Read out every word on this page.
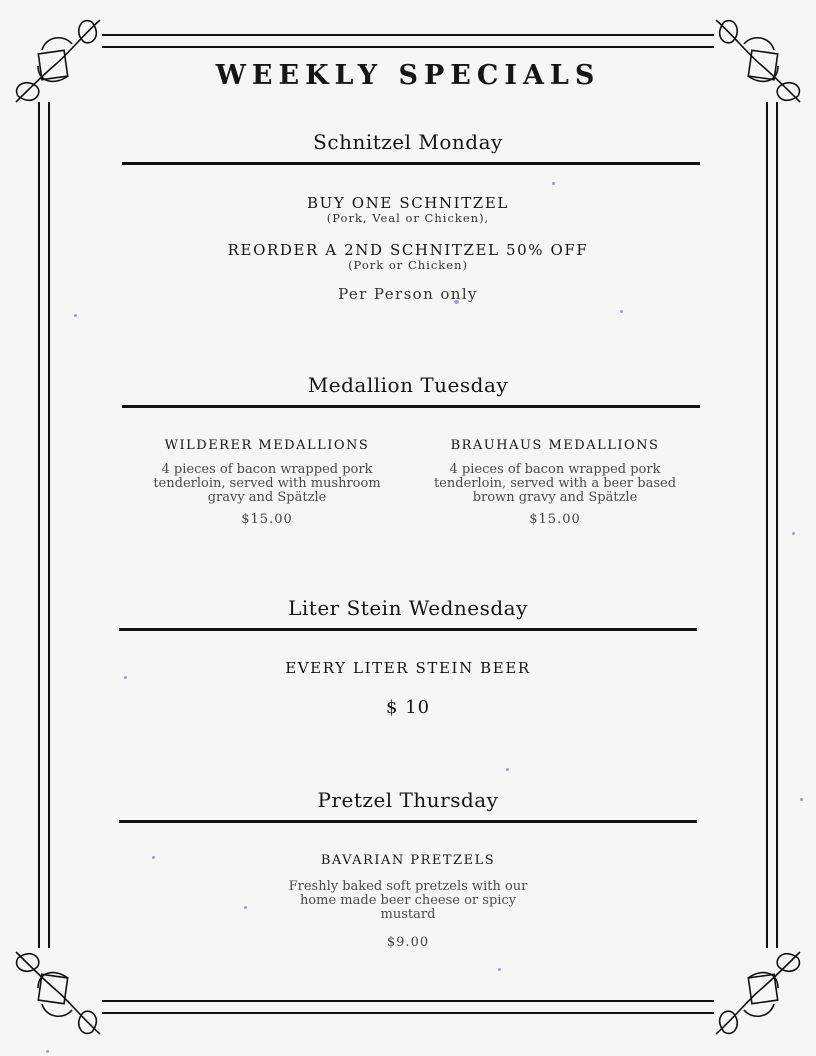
WEEKLY SPECIALS
Schnitzel Monday
BUY ONE SCHNITZEL
(Pork, Veal or Chicken),
REORDER A 2ND SCHNITZEL 50% OFF
(Pork or Chicken)
Per Person only
Medallion Tuesday
WILDERER MEDALLIONS
4 pieces of bacon wrapped pork tenderloin, served with mushroom gravy and Spätzle
$15.00
BRAUHAUS MEDALLIONS
4 pieces of bacon wrapped pork tenderloin, served with a beer based brown gravy and Spätzle
$15.00
Liter Stein Wednesday
EVERY LITER STEIN BEER
$ 10
Pretzel Thursday
BAVARIAN PRETZELS
Freshly baked soft pretzels with our home made beer cheese or spicy mustard
$9.00
